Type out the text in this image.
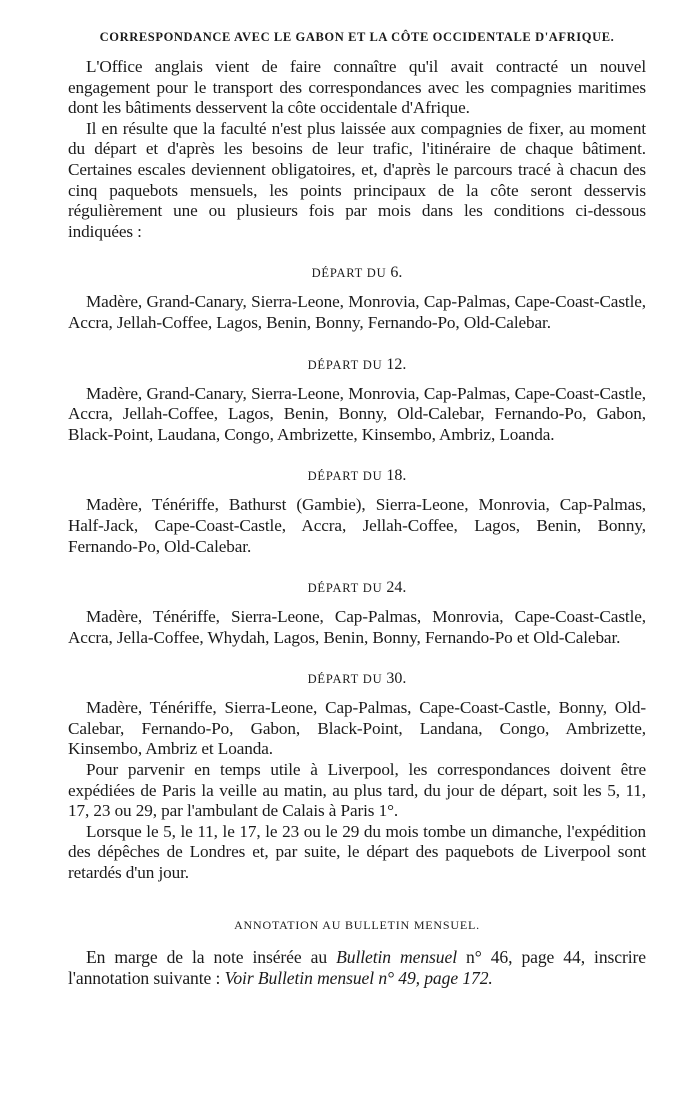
CORRESPONDANCE AVEC LE GABON ET LA CÔTE OCCIDENTALE D'AFRIQUE.

L'Office anglais vient de faire connaître qu'il avait contracté un nouvel engagement pour le transport des correspondances avec les compagnies maritimes dont les bâtiments desservent la côte occidentale d'Afrique.

Il en résulte que la faculté n'est plus laissée aux compagnies de fixer, au moment du départ et d'après les besoins de leur trafic, l'itinéraire de chaque bâtiment. Certaines escales deviennent obligatoires, et, d'après le parcours tracé à chacun des cinq paquebots mensuels, les points principaux de la côte seront desservis régulièrement une ou plusieurs fois par mois dans les conditions ci-dessous indiquées :

DÉPART DU 6.

Madère, Grand-Canary, Sierra-Leone, Monrovia, Cap-Palmas, Cape-Coast-Castle, Accra, Jellah-Coffee, Lagos, Benin, Bonny, Fernando-Po, Old-Calebar.

DÉPART DU 12.

Madère, Grand-Canary, Sierra-Leone, Monrovia, Cap-Palmas, Cape-Coast-Castle, Accra, Jellah-Coffee, Lagos, Benin, Bonny, Old-Calebar, Fernando-Po, Gabon, Black-Point, Laudana, Congo, Ambrizette, Kinsembo, Ambriz, Loanda.

DÉPART DU 18.

Madère, Ténériffe, Bathurst (Gambie), Sierra-Leone, Monrovia, Cap-Palmas, Half-Jack, Cape-Coast-Castle, Accra, Jellah-Coffee, Lagos, Benin, Bonny, Fernando-Po, Old-Calebar.

DÉPART DU 24.

Madère, Ténériffe, Sierra-Leone, Cap-Palmas, Monrovia, Cape-Coast-Castle, Accra, Jella-Coffee, Whydah, Lagos, Benin, Bonny, Fernando-Po et Old-Calebar.

DÉPART DU 30.

Madère, Ténériffe, Sierra-Leone, Cap-Palmas, Cape-Coast-Castle, Bonny, Old-Calebar, Fernando-Po, Gabon, Black-Point, Landana, Congo, Ambrizette, Kinsembo, Ambriz et Loanda.

Pour parvenir en temps utile à Liverpool, les correspondances doivent être expédiées de Paris la veille au matin, au plus tard, du jour de départ, soit les 5, 11, 17, 23 ou 29, par l'ambulant de Calais à Paris 1°.

Lorsque le 5, le 11, le 17, le 23 ou le 29 du mois tombe un dimanche, l'expédition des dépêches de Londres et, par suite, le départ des paquebots de Liverpool sont retardés d'un jour.

ANNOTATION AU BULLETIN MENSUEL.

En marge de la note insérée au Bulletin mensuel n° 46, page 44, inscrire l'annotation suivante : Voir Bulletin mensuel n° 49, page 172.
